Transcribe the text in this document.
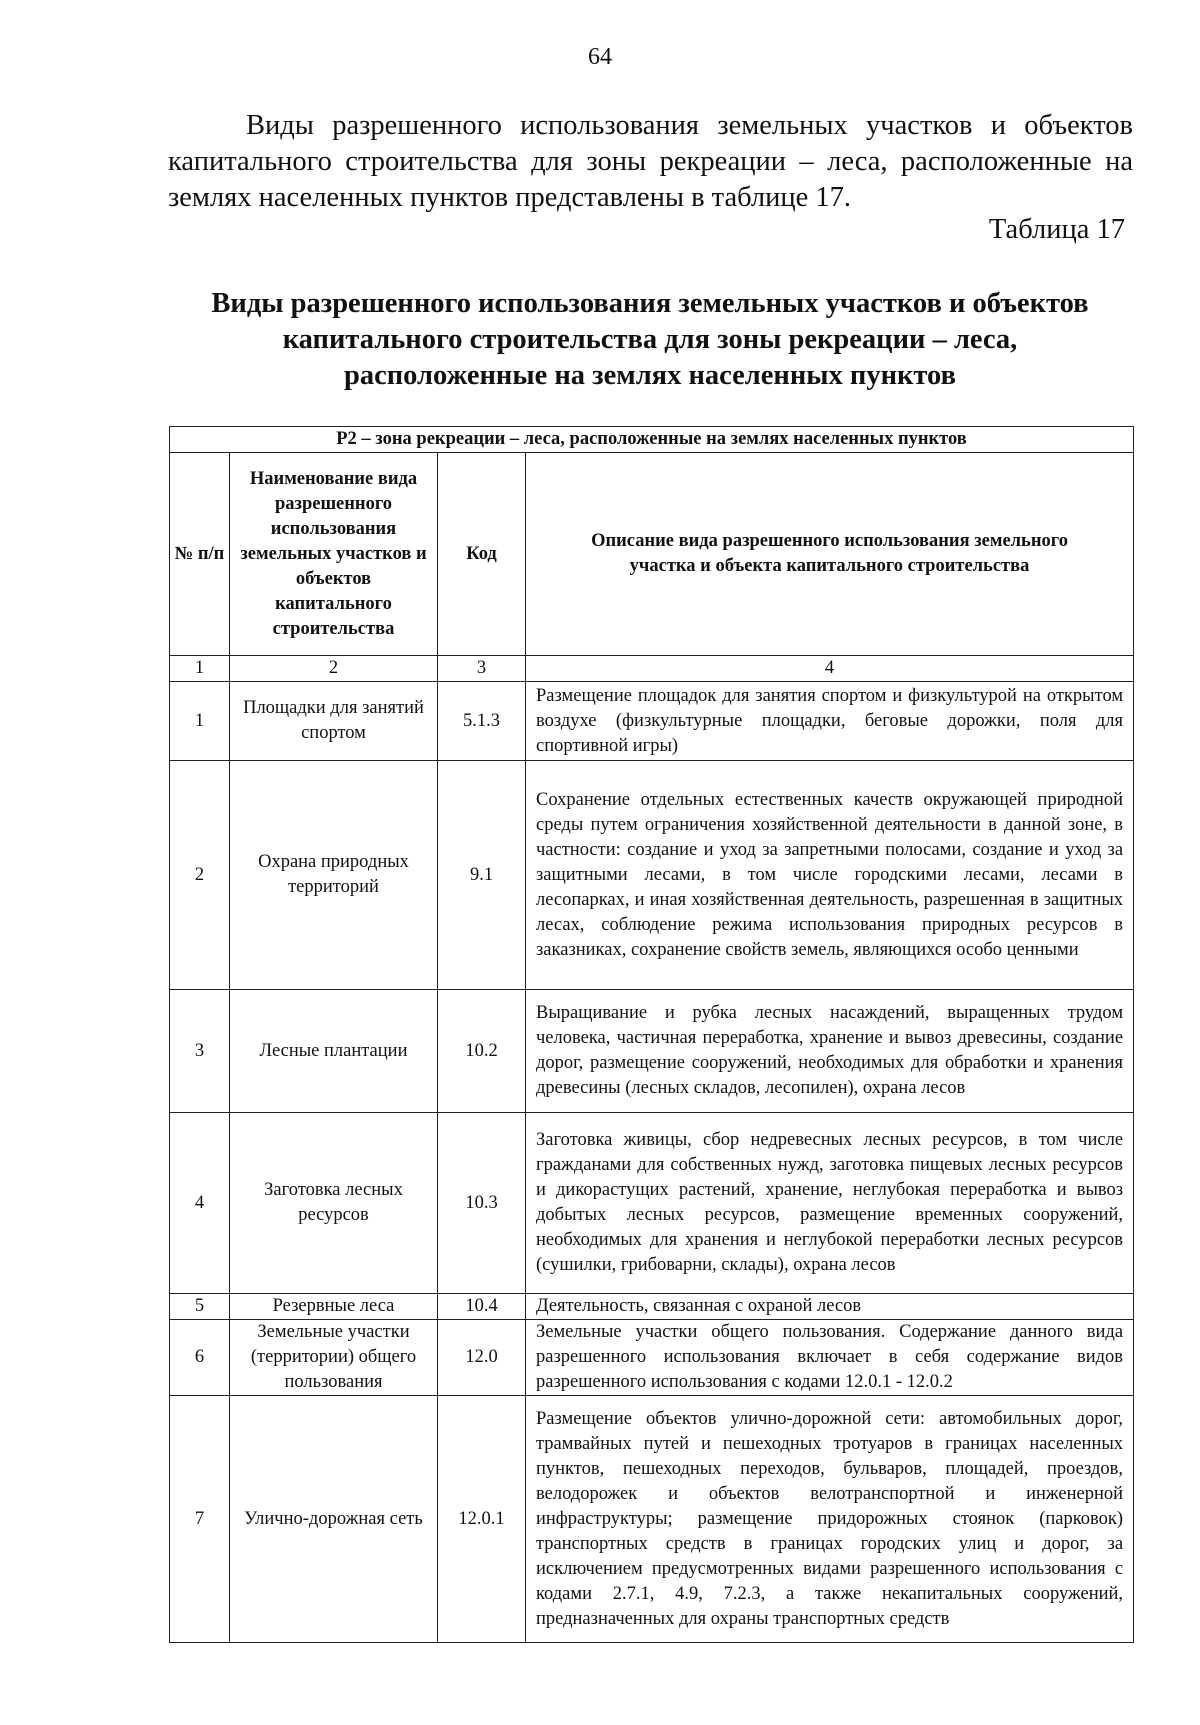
64
Виды разрешенного использования земельных участков и объектов капитального строительства для зоны рекреации – леса, расположенные на землях населенных пунктов представлены в таблице 17.
Таблица 17
Виды разрешенного использования земельных участков и объектов
капитального строительства для зоны рекреации – леса,
расположенные на землях населенных пунктов
Р2 – зона рекреации – леса, расположенные на землях населенных пунктов			
№ п/п	Наименование вида разрешенного использования земельных участков и объектов капитального строительства	Код	Описание вида разрешенного использования земельного участка и объекта капитального строительства
1	2	3	4
1	Площадки для занятий спортом	5.1.3	Размещение площадок для занятия спортом и физкультурой на открытом воздухе (физкультурные площадки, беговые дорожки, поля для спортивной игры)
2	Охрана природных территорий	9.1	Сохранение отдельных естественных качеств окружающей природной среды путем ограничения хозяйственной деятельности в данной зоне, в частности: создание и уход за запретными полосами, создание и уход за защитными лесами, в том числе городскими лесами, лесами в лесопарках, и иная хозяйственная деятельность, разрешенная в защитных лесах, соблюдение режима использования природных ресурсов в заказниках, сохранение свойств земель, являющихся особо ценными
3	Лесные плантации	10.2	Выращивание и рубка лесных насаждений, выращенных трудом человека, частичная переработка, хранение и вывоз древесины, создание дорог, размещение сооружений, необходимых для обработки и хранения древесины (лесных складов, лесопилен), охрана лесов
4	Заготовка лесных ресурсов	10.3	Заготовка живицы, сбор недревесных лесных ресурсов, в том числе гражданами для собственных нужд, заготовка пищевых лесных ресурсов и дикорастущих растений, хранение, неглубокая переработка и вывоз добытых лесных ресурсов, размещение временных сооружений, необходимых для хранения и неглубокой переработки лесных ресурсов (сушилки, грибоварни, склады), охрана лесов
5	Резервные леса	10.4	Деятельность, связанная с охраной лесов
6	Земельные участки (территории) общего пользования	12.0	Земельные участки общего пользования. Содержание данного вида разрешенного использования включает в себя содержание видов разрешенного использования с кодами 12.0.1 - 12.0.2
7	Улично-дорожная сеть	12.0.1	Размещение объектов улично-дорожной сети: автомобильных дорог, трамвайных путей и пешеходных тротуаров в границах населенных пунктов, пешеходных переходов, бульваров, площадей, проездов, велодорожек и объектов велотранспортной и инженерной инфраструктуры; размещение придорожных стоянок (парковок) транспортных средств в границах городских улиц и дорог, за исключением предусмотренных видами разрешенного использования с кодами 2.7.1, 4.9, 7.2.3, а также некапитальных сооружений, предназначенных для охраны транспортных средств
